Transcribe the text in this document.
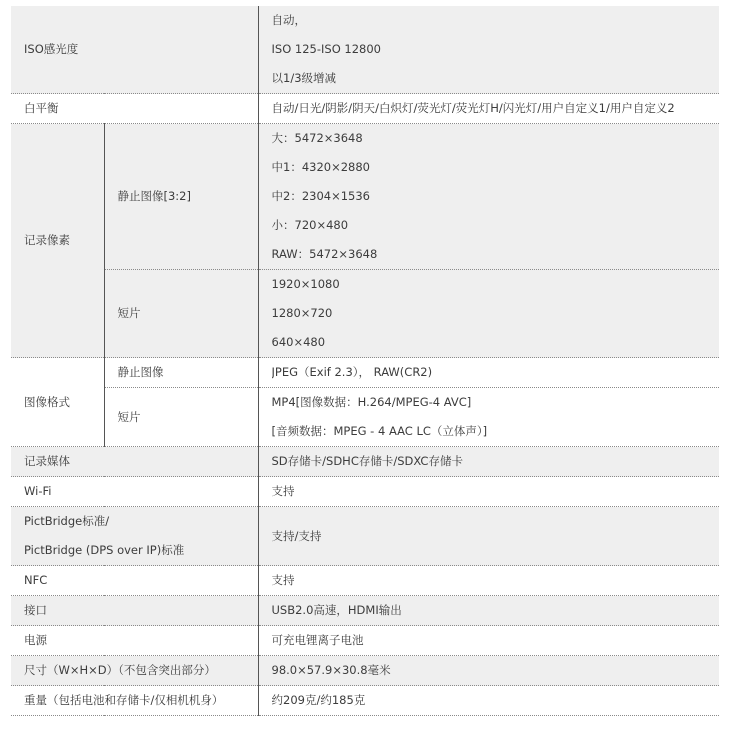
ISO感光度		自动，
ISO 125-ISO 12800
以1/3级增减

白平衡		自动/日光/阴影/阴天/白炽灯/荧光灯/荧光灯H/闪光灯/用户自定义1/用户自定义2

记录像素	静止图像[3:2]	大：5472×3648
中1：4320×2880
中2：2304×1536
小：720×480
RAW：5472×3648

	短片	1920×1080
1280×720
640×480

图像格式	静止图像	JPEG（Exif 2.3）， RAW(CR2)

	短片	MP4[图像数据：H.264/MPEG-4 AVC]
[音频数据：MPEG - 4 AAC LC（立体声）]

记录媒体		SD存储卡/SDHC存储卡/SDXC存储卡

Wi-Fi		支持

PictBridge标准/
PictBridge (DPS over IP)标准		支持/支持

NFC		支持

接口		USB2.0高速，HDMI输出

电源		可充电锂离子电池

尺寸（W×H×D）（不包含突出部分）		98.0×57.9×30.8毫米

重量（包括电池和存储卡/仅相机机身）		约209克/约185克
